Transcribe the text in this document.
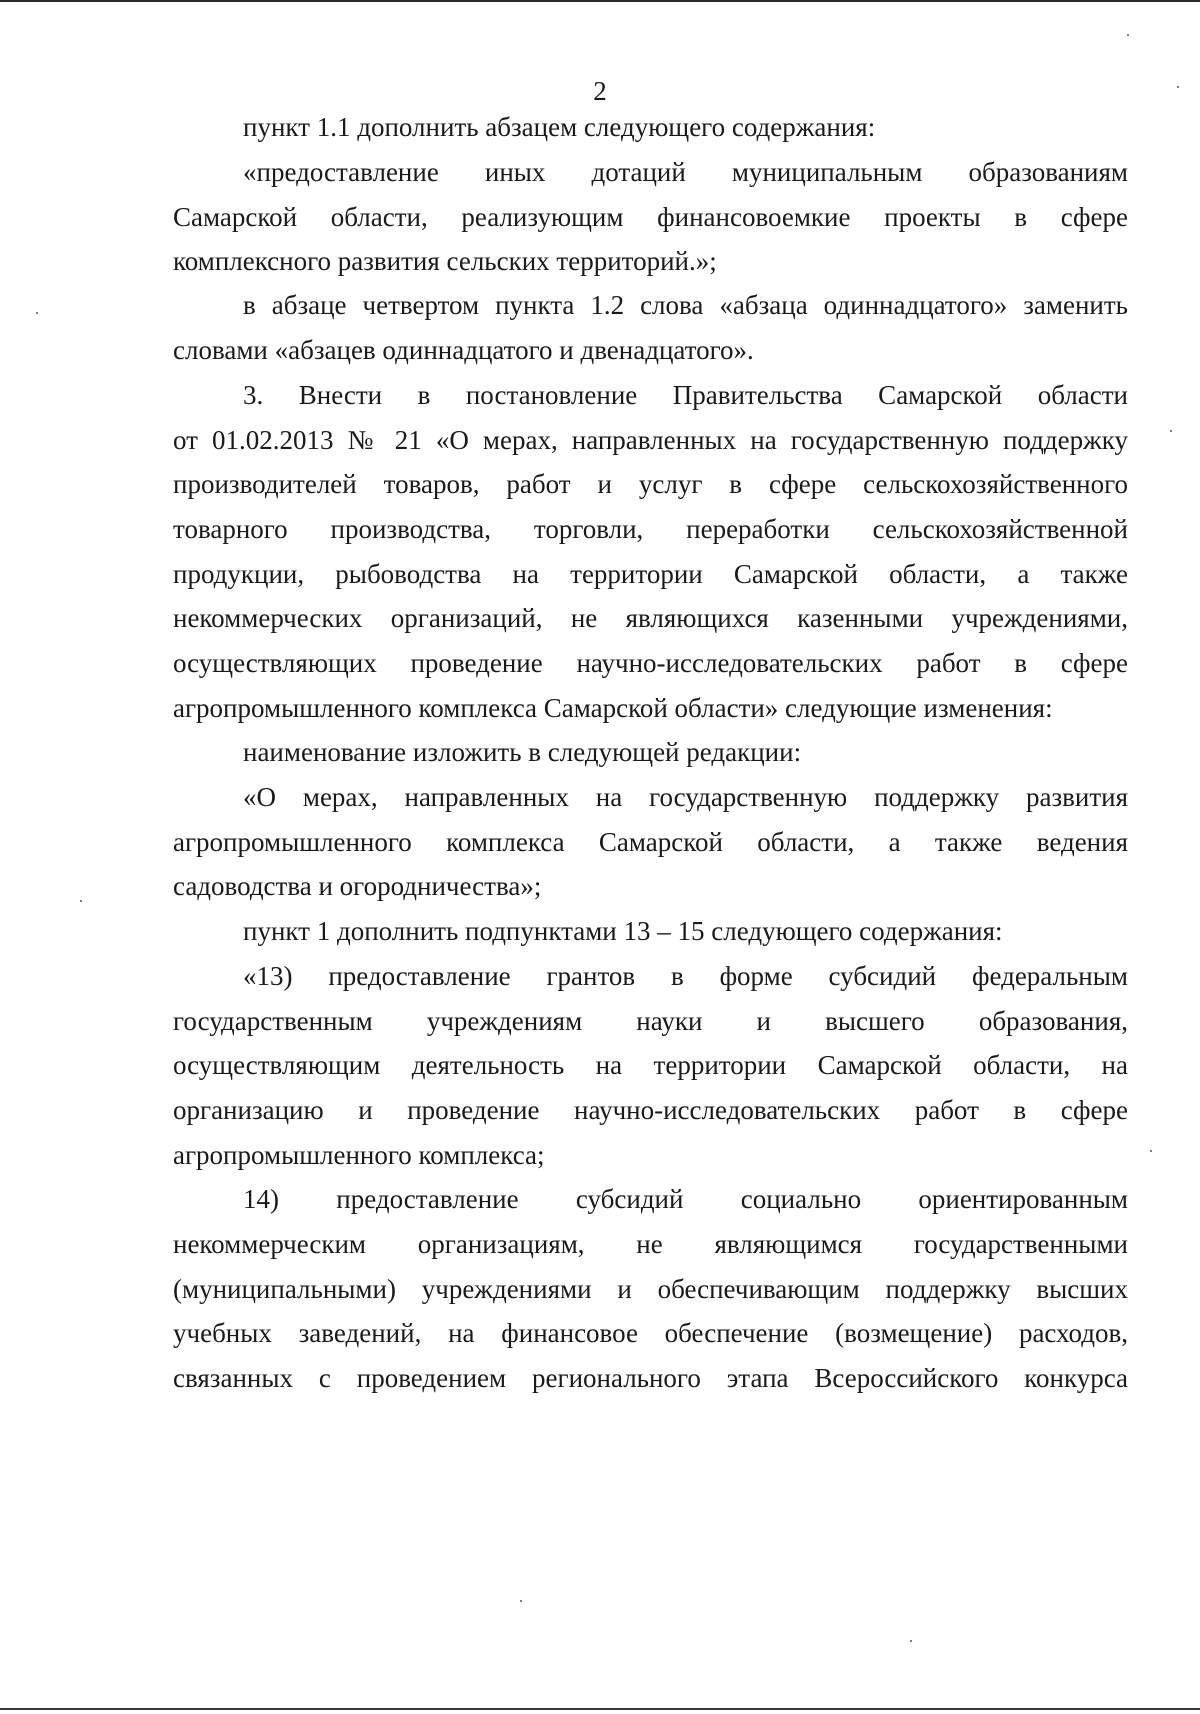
2
пункт 1.1 дополнить абзацем следующего содержания:
«предоставление иных дотаций муниципальным образованиям
Самарской области, реализующим финансовоемкие проекты в сфере
комплексного развития сельских территорий.»;
в абзаце четвертом пункта 1.2 слова «абзаца одиннадцатого» заменить
словами «абзацев одиннадцатого и двенадцатого».
3. Внести в постановление Правительства Самарской области
от 01.02.2013 № 21 «О мерах, направленных на государственную поддержку
производителей товаров, работ и услуг в сфере сельскохозяйственного
товарного производства, торговли, переработки сельскохозяйственной
продукции, рыбоводства на территории Самарской области, а также
некоммерческих организаций, не являющихся казенными учреждениями,
осуществляющих проведение научно-исследовательских работ в сфере
агропромышленного комплекса Самарской области» следующие изменения:
наименование изложить в следующей редакции:
«О мерах, направленных на государственную поддержку развития
агропромышленного комплекса Самарской области, а также ведения
садоводства и огородничества»;
пункт 1 дополнить подпунктами 13 – 15 следующего содержания:
«13) предоставление грантов в форме субсидий федеральным
государственным учреждениям науки и высшего образования,
осуществляющим деятельность на территории Самарской области, на
организацию и проведение научно-исследовательских работ в сфере
агропромышленного комплекса;
14) предоставление субсидий социально ориентированным
некоммерческим организациям, не являющимся государственными
(муниципальными) учреждениями и обеспечивающим поддержку высших
учебных заведений, на финансовое обеспечение (возмещение) расходов,
связанных с проведением регионального этапа Всероссийского конкурса
